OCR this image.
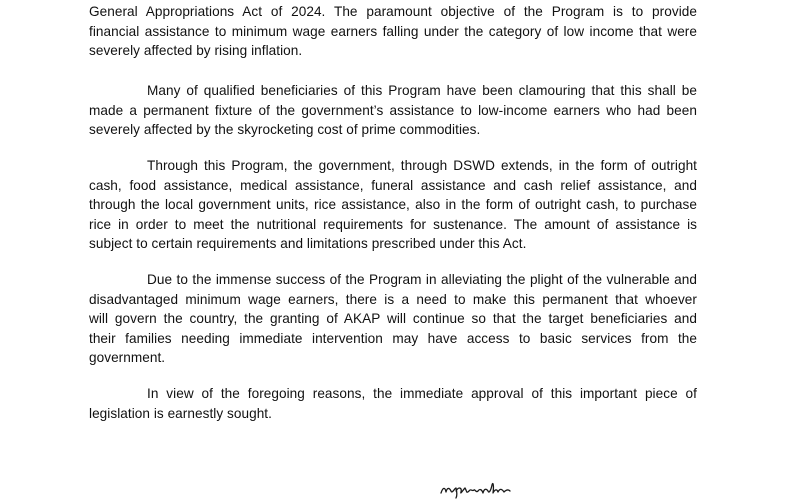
General Appropriations Act of 2024. The paramount objective of the Program is to provide
financial assistance to minimum wage earners falling under the category of low income that were
severely affected by rising inflation.
Many of qualified beneficiaries of this Program have been clamouring that this shall be
made a permanent fixture of the government’s assistance to low-income earners who had been
severely affected by the skyrocketing cost of prime commodities.
Through this Program, the government, through DSWD extends, in the form of outright
cash, food assistance, medical assistance, funeral assistance and cash relief assistance, and
through the local government units, rice assistance, also in the form of outright cash, to purchase
rice in order to meet the nutritional requirements for sustenance. The amount of assistance is
subject to certain requirements and limitations prescribed under this Act.
Due to the immense success of the Program in alleviating the plight of the vulnerable and
disadvantaged minimum wage earners, there is a need to make this permanent that whoever
will govern the country, the granting of AKAP will continue so that the target beneficiaries and
their families needing immediate intervention may have access to basic services from the
government.
In view of the foregoing reasons, the immediate approval of this important piece of
legislation is earnestly sought.
